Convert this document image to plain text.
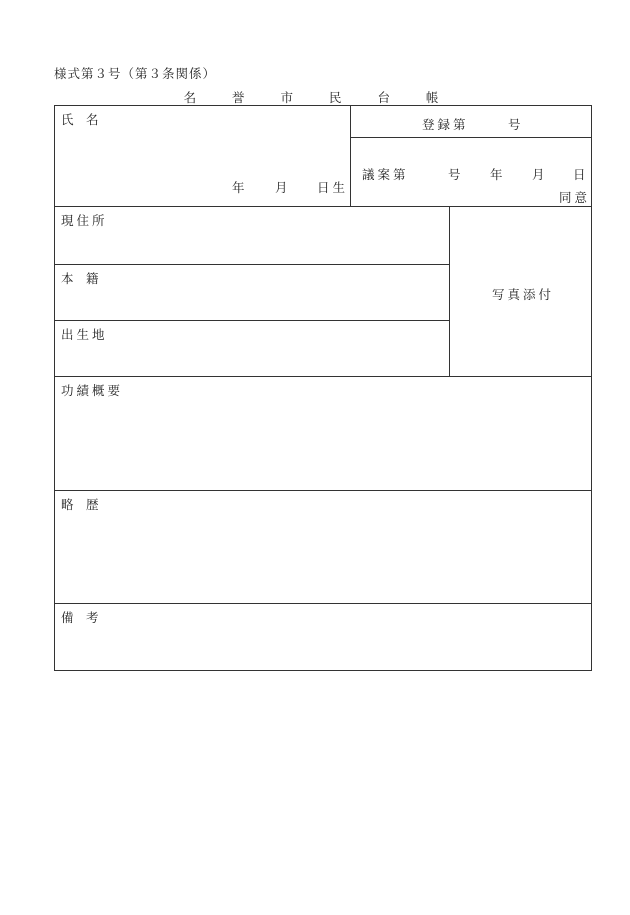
様式第３号（第３条関係）
名 誉 市 民 台 帳
氏　名
年 月 日生
登録第	号
議案第	号 年 月 日
同意
現住所
本　籍
出生地
写真添付
功績概要
略　歴
備　考
